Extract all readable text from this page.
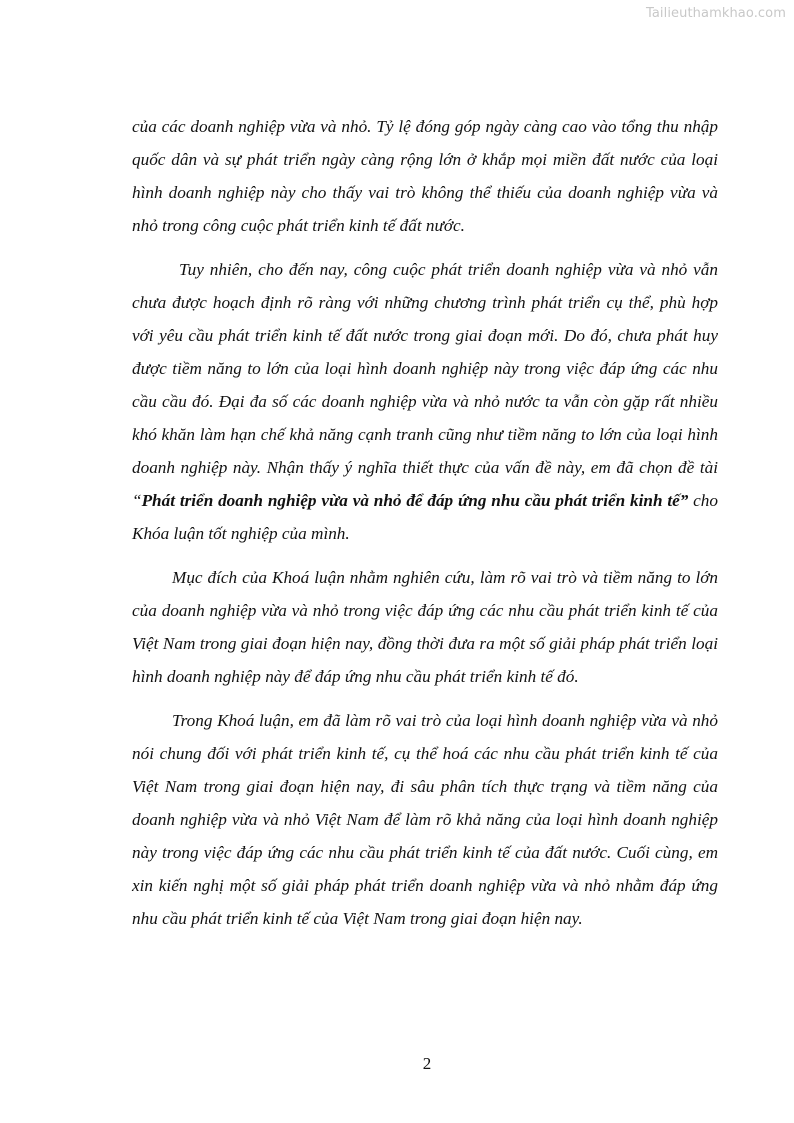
Tailieuthamkhao.com

của các doanh nghiệp vừa và nhỏ. Tỷ lệ đóng góp ngày càng cao vào tổng thu nhập quốc dân và sự phát triển ngày càng rộng lớn ở khắp mọi miền đất nước của loại hình doanh nghiệp này cho thấy vai trò không thể thiếu của doanh nghiệp vừa và nhỏ trong công cuộc phát triển kinh tế đất nước.

Tuy nhiên, cho đến nay, công cuộc phát triển doanh nghiệp vừa và nhỏ vẫn chưa được hoạch định rõ ràng với những chương trình phát triển cụ thể, phù hợp với yêu cầu phát triển kinh tế đất nước trong giai đoạn mới. Do đó, chưa phát huy được tiềm năng to lớn của loại hình doanh nghiệp này trong việc đáp ứng các nhu cầu cầu đó. Đại đa số các doanh nghiệp vừa và nhỏ nước ta vẫn còn gặp rất nhiều khó khăn làm hạn chế khả năng cạnh tranh cũng như tiềm năng to lớn của loại hình doanh nghiệp này. Nhận thấy ý nghĩa thiết thực của vấn đề này, em đã chọn đề tài “Phát triển doanh nghiệp vừa và nhỏ để đáp ứng nhu cầu phát triển kinh tế” cho Khóa luận tốt nghiệp của mình.

Mục đích của Khoá luận nhằm nghiên cứu, làm rõ vai trò và tiềm năng to lớn của doanh nghiệp vừa và nhỏ trong việc đáp ứng các nhu cầu phát triển kinh tế của Việt Nam trong giai đoạn hiện nay, đồng thời đưa ra một số giải pháp phát triển loại hình doanh nghiệp này để đáp ứng nhu cầu phát triển kinh tế đó.

Trong Khoá luận, em đã làm rõ vai trò của loại hình doanh nghiệp vừa và nhỏ nói chung đối với phát triển kinh tế, cụ thể hoá các nhu cầu phát triển kinh tế của Việt Nam trong giai đoạn hiện nay, đi sâu phân tích thực trạng và tiềm năng của doanh nghiệp vừa và nhỏ Việt Nam để làm rõ khả năng của loại hình doanh nghiệp này trong việc đáp ứng các nhu cầu phát triển kinh tế của đất nước. Cuối cùng, em xin kiến nghị một số giải pháp phát triển doanh nghiệp vừa và nhỏ nhằm đáp ứng nhu cầu phát triển kinh tế của Việt Nam trong giai đoạn hiện nay.

2
